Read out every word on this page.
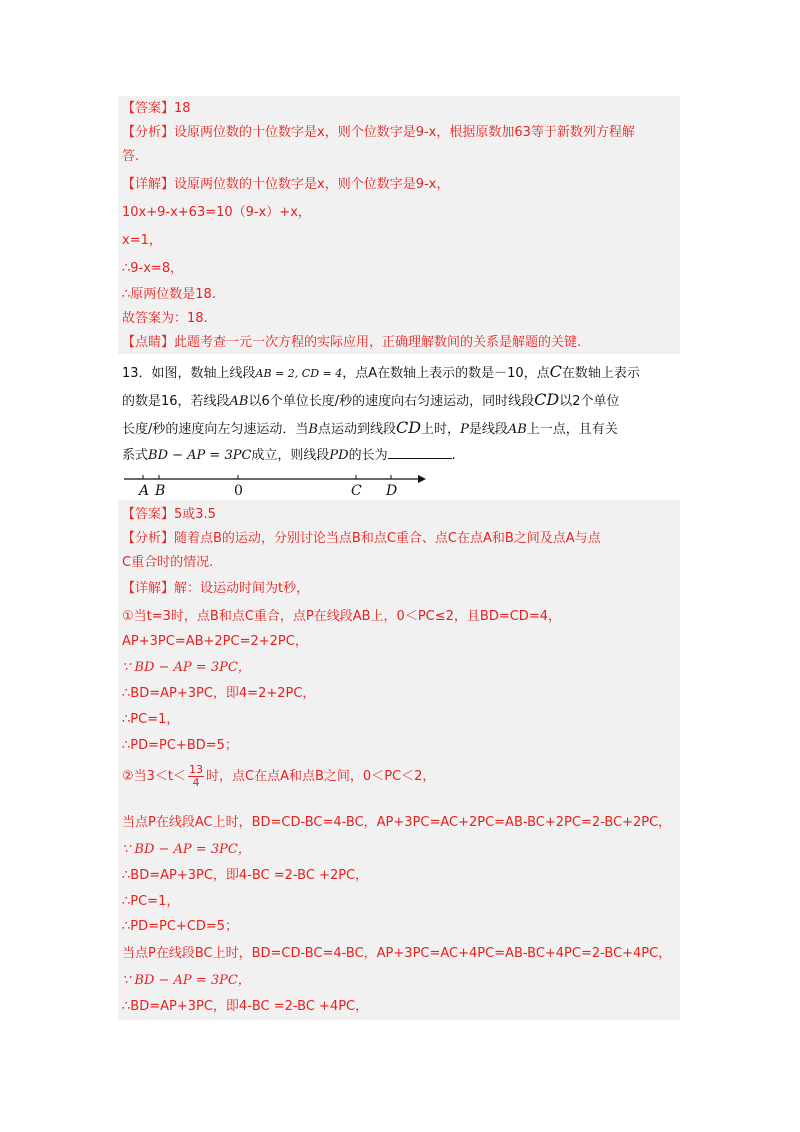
【答案】18
【分析】设原两位数的十位数字是x，则个位数字是9-x，根据原数加63等于新数列方程解
答.
【详解】设原两位数的十位数字是x，则个位数字是9-x，
10x+9-x+63=10（9-x）+x，
x=1，
∴9-x=8，
∴原两位数是18.
故答案为：18.
【点睛】此题考查一元一次方程的实际应用，正确理解数间的关系是解题的关键.
13．如图，数轴上线段AB = 2, CD = 4，点A在数轴上表示的数是－10，点C在数轴上表示
的数是16，若线段AB以6个单位长度/秒的速度向右匀速运动，同时线段CD以2个单位
长度/秒的速度向左匀速运动．当B点运动到线段CD上时，P是线段AB上一点，且有关
系式BD − AP = 3PC成立，则线段PD的长为	.
A B	0	C D
【答案】5或3.5
【分析】随着点B的运动，分别讨论当点B和点C重合、点C在点A和B之间及点A与点
C重合时的情况.
【详解】解：设运动时间为t秒，
①当t=3时，点B和点C重合，点P在线段AB上，0＜PC≤2，且BD=CD=4，
AP+3PC=AB+2PC=2+2PC，
∵ BD − AP = 3PC，
∴BD=AP+3PC，即4=2+2PC，
∴PC=1，
∴PD=PC+BD=5；
②当$3<t< \frac{13}{4}$ 时，点C在点A和点B之间，0＜PC＜2，
当点P在线段AC上时，BD=CD-BC=4-BC，AP+3PC=AC+2PC=AB-BC+2PC=2-BC+2PC，
∵ BD − AP = 3PC，
∴BD=AP+3PC，即4-BC =2-BC +2PC，
∴PC=1，
∴PD=PC+CD=5；
当点P在线段BC上时，BD=CD-BC=4-BC，AP+3PC=AC+4PC=AB-BC+4PC=2-BC+4PC，
∵ BD − AP = 3PC，
∴BD=AP+3PC，即4-BC =2-BC +4PC，
